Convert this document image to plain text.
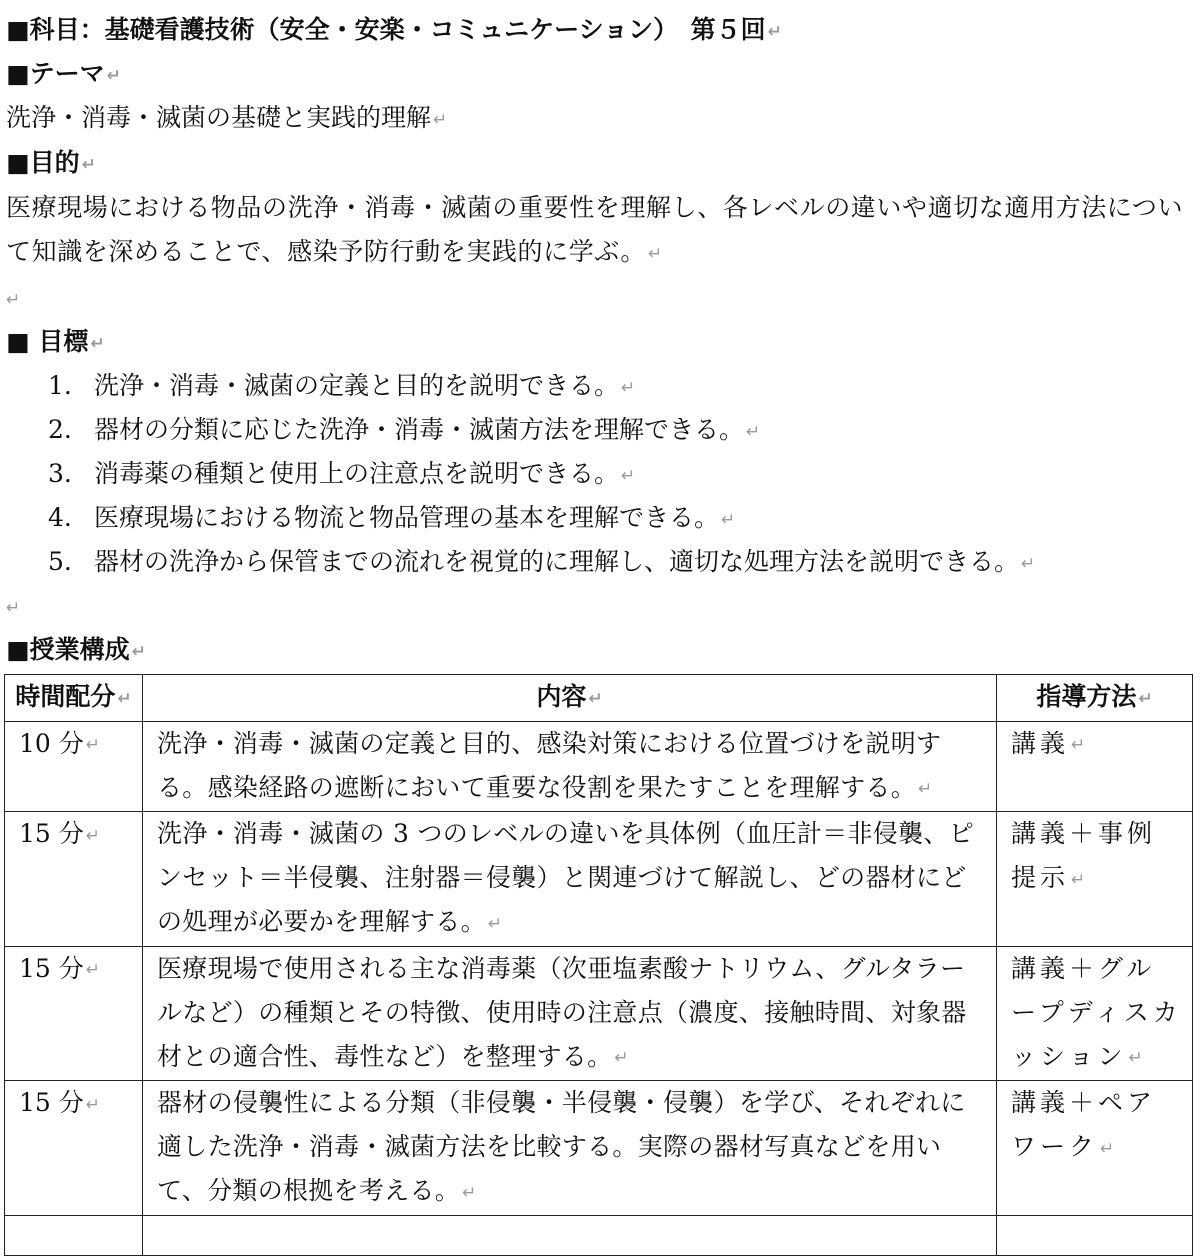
■科目：基礎看護技術（安全・安楽・コミュニケーション）　第５回 ↵
■テーマ ↵
洗浄・消毒・滅菌の基礎と実践的理解 ↵
■目的 ↵
医療現場における物品の洗浄・消毒・滅菌の重要性を理解し、各レベルの違いや適切な適用方法について知識を深めることで、感染予防行動を実践的に学ぶ。 ↵
↵
■ 目標 ↵
1. 洗浄・消毒・滅菌の定義と目的を説明できる。 ↵
2. 器材の分類に応じた洗浄・消毒・滅菌方法を理解できる。 ↵
3. 消毒薬の種類と使用上の注意点を説明できる。 ↵
4. 医療現場における物流と物品管理の基本を理解できる。 ↵
5. 器材の洗浄から保管までの流れを視覚的に理解し、適切な処理方法を説明できる。 ↵
↵
■授業構成 ↵
時間配分 ↵	内容 ↵	指導方法 ↵
10 分 ↵	洗浄・消毒・滅菌の定義と目的、感染対策における位置づけを説明する。感染経路の遮断において重要な役割を果たすことを理解する。 ↵	講義 ↵
15 分 ↵	洗浄・消毒・滅菌の 3 つのレベルの違いを具体例（血圧計＝非侵襲、ピンセット＝半侵襲、注射器＝侵襲）と関連づけて解説し、どの器材にどの処理が必要かを理解する。 ↵	講義＋事例提示 ↵
15 分 ↵	医療現場で使用される主な消毒薬（次亜塩素酸ナトリウム、グルタラールなど）の種類とその特徴、使用時の注意点（濃度、接触時間、対象器材との適合性、毒性など）を整理する。 ↵	講義＋グループディスカッション ↵
15 分 ↵	器材の侵襲性による分類（非侵襲・半侵襲・侵襲）を学び、それぞれに適した洗浄・消毒・滅菌方法を比較する。実際の器材写真などを用いて、分類の根拠を考える。 ↵	講義＋ペアワーク ↵
